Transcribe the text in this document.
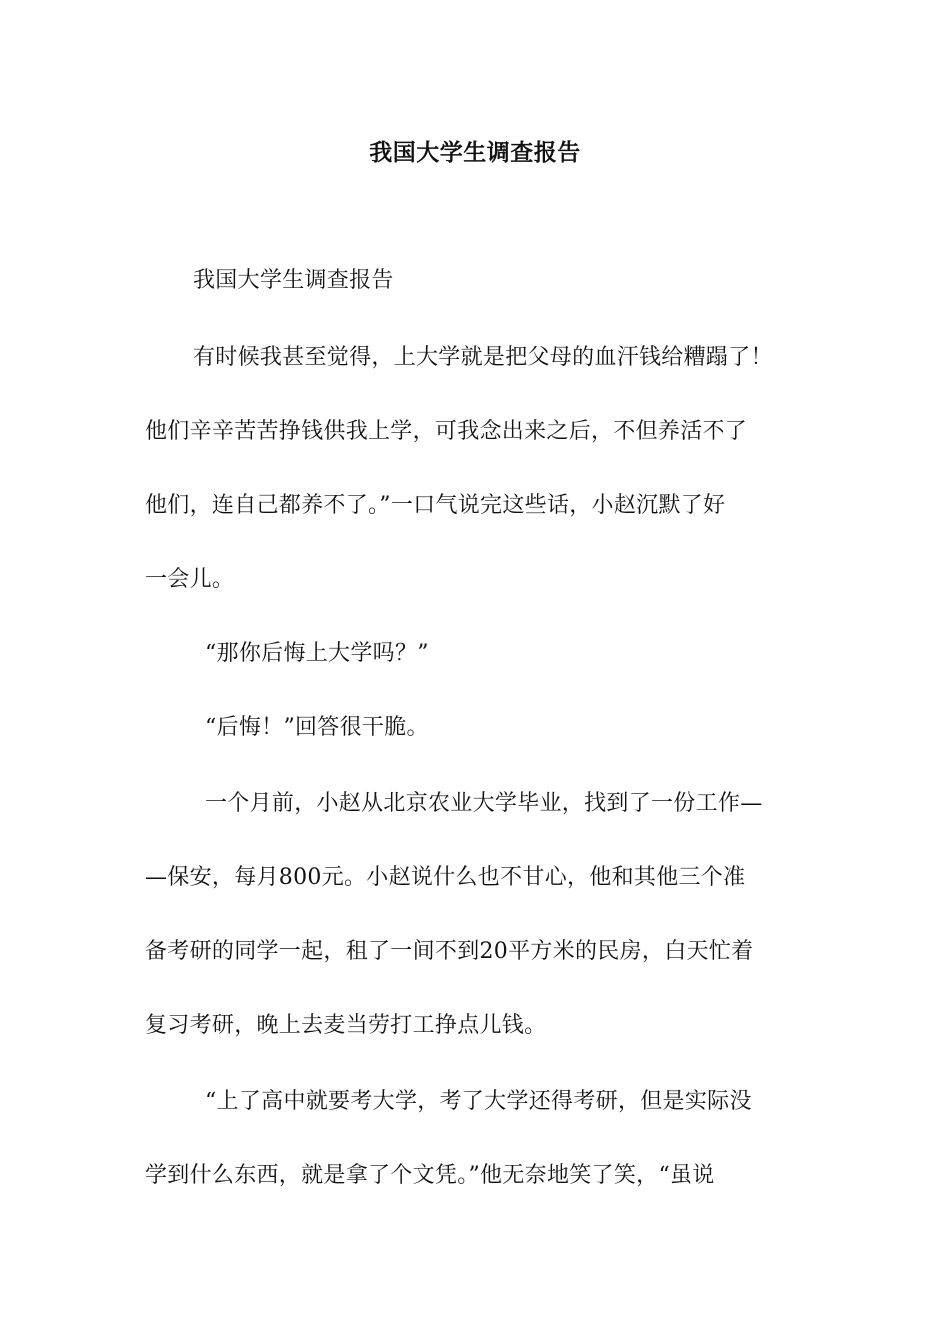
我国大学生调查报告
我国大学生调查报告
有时候我甚至觉得，上大学就是把父母的血汗钱给糟蹋了！
他们辛辛苦苦挣钱供我上学，可我念出来之后，不但养活不了
他们，连自己都养不了。”一口气说完这些话，小赵沉默了好
一会儿。
“那你后悔上大学吗？”
“后悔！”回答很干脆。
一个月前，小赵从北京农业大学毕业，找到了一份工作—
—保安，每月800元。小赵说什么也不甘心，他和其他三个准
备考研的同学一起，租了一间不到20平方米的民房，白天忙着
复习考研，晚上去麦当劳打工挣点儿钱。
“上了高中就要考大学，考了大学还得考研，但是实际没
学到什么东西，就是拿了个文凭。”他无奈地笑了笑，“虽说
